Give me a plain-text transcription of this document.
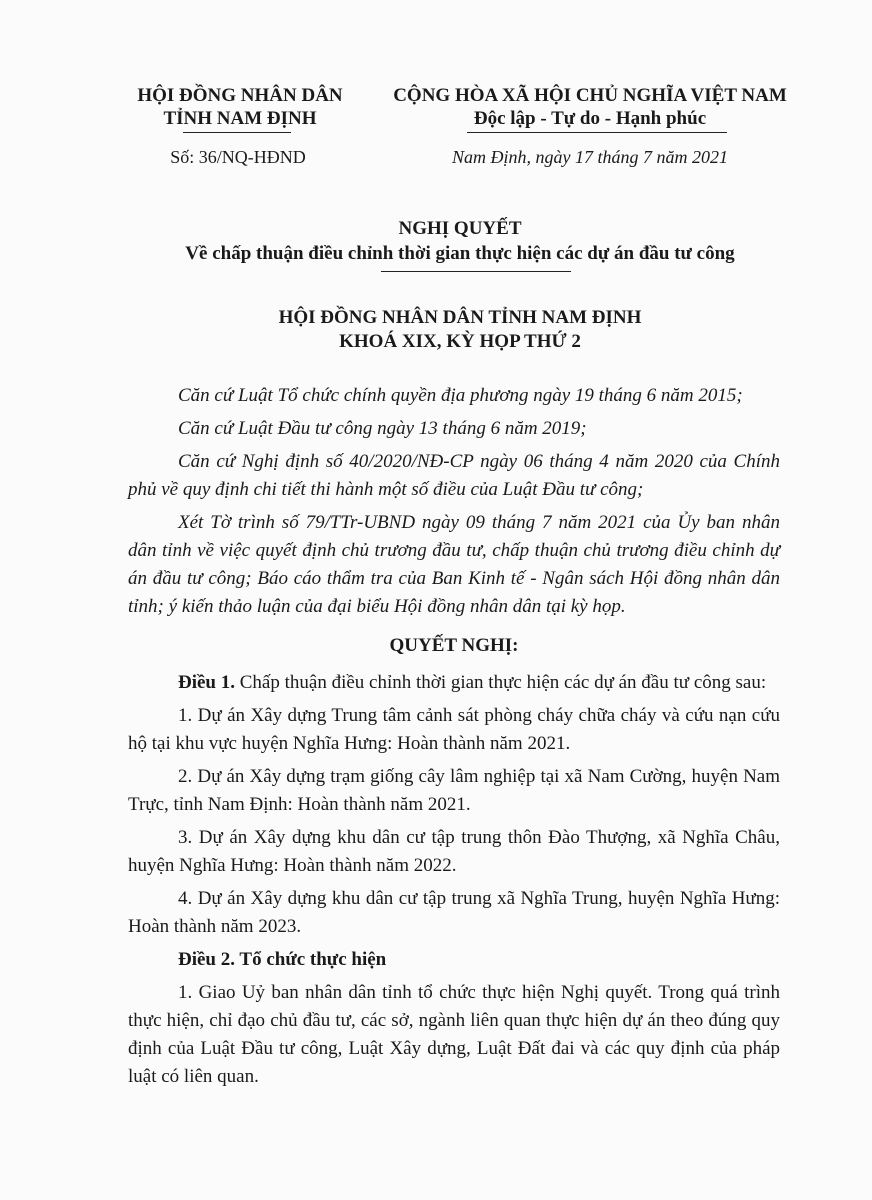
HỘI ĐỒNG NHÂN DÂN

TỈNH NAM ĐỊNH

CỘNG HÒA XÃ HỘI CHỦ NGHĨA VIỆT NAM

Độc lập - Tự do - Hạnh phúc

Số: 36/NQ-HĐND	Nam Định, ngày 17 tháng 7 năm 2021

NGHỊ QUYẾT

Về chấp thuận điều chỉnh thời gian thực hiện các dự án đầu tư công

HỘI ĐỒNG NHÂN DÂN TỈNH NAM ĐỊNH

KHOÁ XIX, KỲ HỌP THỨ 2

Căn cứ Luật Tổ chức chính quyền địa phương ngày 19 tháng 6 năm 2015;

Căn cứ Luật Đầu tư công ngày 13 tháng 6 năm 2019;

Căn cứ Nghị định số 40/2020/NĐ-CP ngày 06 tháng 4 năm 2020 của Chính phủ về quy định chi tiết thi hành một số điều của Luật Đầu tư công;

Xét Tờ trình số 79/TTr-UBND ngày 09 tháng 7 năm 2021 của Ủy ban nhân dân tỉnh về việc quyết định chủ trương đầu tư, chấp thuận chủ trương điều chỉnh dự án đầu tư công; Báo cáo thẩm tra của Ban Kinh tế - Ngân sách Hội đồng nhân dân tỉnh; ý kiến thảo luận của đại biểu Hội đồng nhân dân tại kỳ họp.

QUYẾT NGHỊ:

Điều 1. Chấp thuận điều chỉnh thời gian thực hiện các dự án đầu tư công sau:

1. Dự án Xây dựng Trung tâm cảnh sát phòng cháy chữa cháy và cứu nạn cứu hộ tại khu vực huyện Nghĩa Hưng: Hoàn thành năm 2021.

2. Dự án Xây dựng trạm giống cây lâm nghiệp tại xã Nam Cường, huyện Nam Trực, tỉnh Nam Định: Hoàn thành năm 2021.

3. Dự án Xây dựng khu dân cư tập trung thôn Đào Thượng, xã Nghĩa Châu, huyện Nghĩa Hưng: Hoàn thành năm 2022.

4. Dự án Xây dựng khu dân cư tập trung xã Nghĩa Trung, huyện Nghĩa Hưng: Hoàn thành năm 2023.

Điều 2. Tổ chức thực hiện

1. Giao Uỷ ban nhân dân tỉnh tổ chức thực hiện Nghị quyết. Trong quá trình thực hiện, chỉ đạo chủ đầu tư, các sở, ngành liên quan thực hiện dự án theo đúng quy định của Luật Đầu tư công, Luật Xây dựng, Luật Đất đai và các quy định của pháp luật có liên quan.
